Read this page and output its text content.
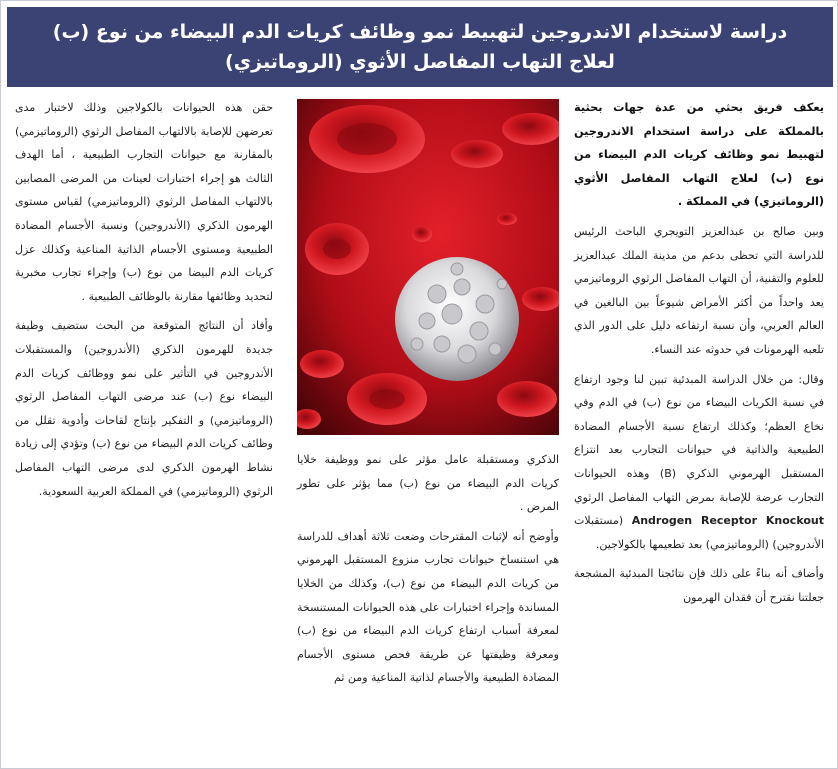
دراسة لاستخدام الاندروجين لتهبيط نمو وظائف كريات الدم البيضاء من نوع (ب) لعلاج التهاب المفاصل الأثوي (الروماتيزي)

يعكف فريق بحثي من عدة جهات بحثية بالمملكة على دراسة استخدام الاندروجين لتهبيط نمو وظائف كريات الدم البيضاء من نوع (ب) لعلاج التهاب المفاصل الأثوي (الروماتيزي) في المملكة .

وبين صالح بن عبدالعزيز التويجري الباحث الرئيس للدراسة التي تحظى بدعم من مدينة الملك عبدالعزيز للعلوم والتقنية، أن التهاب المفاصل الرثوي الروماتيزمي يعد واحداً من أكثر الأمراض شيوعاً بين البالغين في العالم العربي، وأن نسبة ارتفاعه دليل على الدور الذي تلعبه الهرمونات في حدوثه عند النساء.

وقال: من خلال الدراسة المبدئية تبين لنا وجود ارتفاع في نسبة الكريات البيضاء من نوع (ب) في الدم وفي نخاع العظم؛ وكذلك ارتفاع نسبة الأجسام المضادة الطبيعية والذاتية في حيوانات التجارب بعد انتزاع المستقبل الهرموني الذكري (B) وهذه الحيوانات التجارب عرضة للإصابة بمرض التهاب المفاصل الرثوي Androgen Receptor Knockout (مستقبلات الأندروجين) (الروماتيزمي) بعد تطعيمها بالكولاجين.

وأضاف أنه بناءً على ذلك فإن نتائجنا المبدئية المشجعة جعلتنا نقترح أن فقدان الهرمون

الذكري ومستقبلة عامل مؤثر على نمو ووظيفة خلايا كريات الدم البيضاء من نوع (ب) مما يؤثر على تطور المرض .

وأوضح أنه لإثبات المقترحات وضعت ثلاثة أهداف للدراسة هي استنساخ حيوانات تجارب منزوع المستقبل الهرموني من كريات الدم البيضاء من نوع (ب)، وكذلك من الخلايا المساندة وإجراء اختبارات على هذه الحيوانات المستنسخة لمعرفة أسباب ارتفاع كريات الدم البيضاء من نوع (ب) ومعرفة وظيفتها عن طريقة فحص مستوى الأجسام المضادة الطبيعية والأجسام لذاتية المناعية ومن ثم

حقن هذه الحيوانات بالكولاجين وذلك لاختبار مدى تعرضهن للإصابة بالالتهاب المفاصل الرثوي (الروماتيزمي) بالمقارنة مع حيوانات التجارب الطبيعية ، أما الهدف الثالث هو إجراء اختبارات لعينات من المرضى المصابين بالالتهاب المفاصل الرثوي (الروماتيزمي) لقياس مستوى الهرمون الذكري (الأندروجين) ونسبة الأجسام المضادة الطبيعية ومستوى الأجسام الذاتية المناعية وكذلك عزل كريات الدم البيضا من نوع (ب) وإجراء تجارب مخبرية لتحديد وظائفها مقارنة بالوظائف الطبيعية .

وأفاد أن النتائج المتوقعة من البحث ستضيف وظيفة جديدة للهرمون الذكري (الأندروجين) والمستقبلات الأندروجين في التأثير على نمو ووظائف كريات الدم البيضاء نوع (ب) عند مرضى التهاب المفاصل الرثوي (الروماتيزمي) و التفكير بإنتاج لقاحات وأدوية تقلل من وظائف كريات الدم البيضاء من نوع (ب) وتؤدي إلى زيادة نشاط الهرمون الذكري لدى مرضى التهاب المفاصل الرثوي (الروماتيزمي) في المملكة العربية السعودية.
